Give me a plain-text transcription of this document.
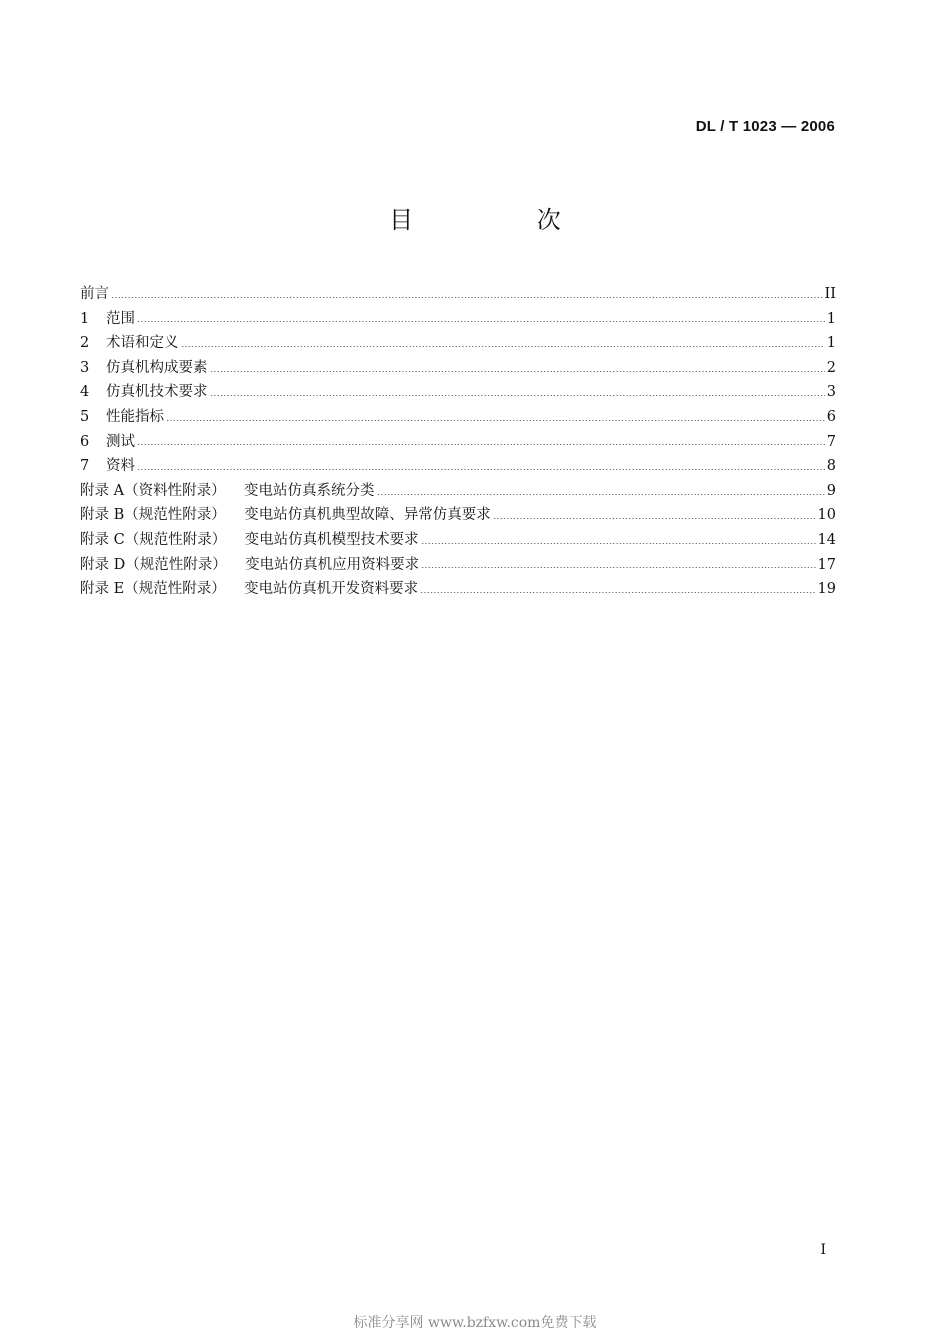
DL / T 1023 — 2006
目 次
前言	II
1	范围	1
2	术语和定义	1
3	仿真机构成要素	2
4	仿真机技术要求	3
5	性能指标	6
6	测试	7
7	资料	8
附录 A（资料性附录） 变电站仿真系统分类	9
附录 B（规范性附录） 变电站仿真机典型故障、异常仿真要求	10
附录 C（规范性附录） 变电站仿真机模型技术要求	14
附录 D（规范性附录） 变电站仿真机应用资料要求	17
附录 E（规范性附录） 变电站仿真机开发资料要求	19
I
标准分享网 www.bzfxw.com免费下载
